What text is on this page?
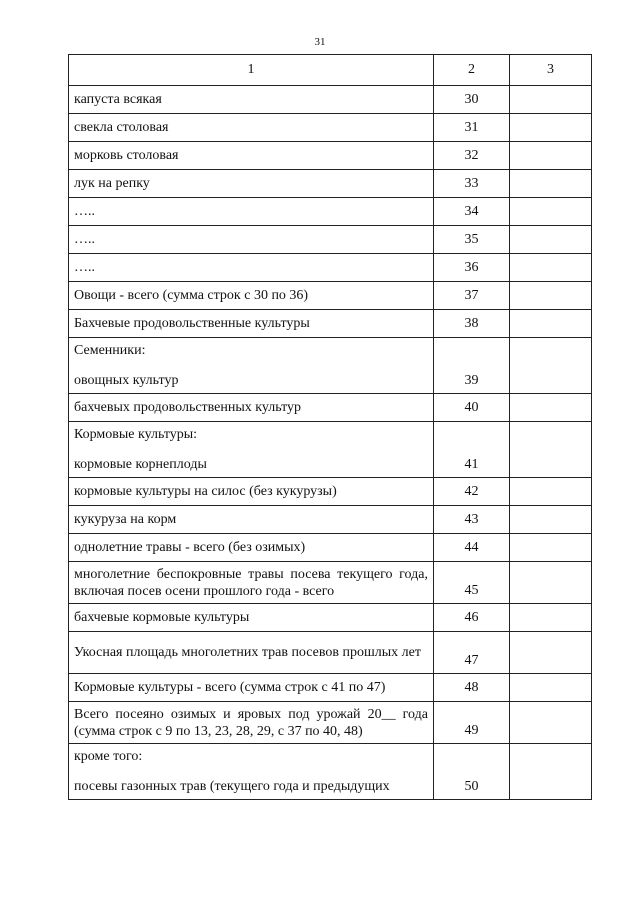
31
1	2	3
капуста всякая	30	
свекла столовая	31	
морковь столовая	32	
лук на репку	33	
…..	34	
…..	35	
…..	36	
Овощи - всего (сумма строк с 30 по 36)	37	
Бахчевые продовольственные культуры	38	

Семенники:
овощных культур	39	
бахчевых продовольственных культур	40	

Кормовые культуры:
кормовые корнеплоды	41	
кормовые культуры на силос (без кукурузы)	42	
кукуруза на корм	43	
однолетние травы - всего (без озимых)	44	
многолетние беспокровные травы посева текущего года, включая посев осени прошлого года - всего	45	
бахчевые кормовые культуры	46	
Укосная площадь многолетних трав посевов прошлых лет	47	
Кормовые культуры - всего (сумма строк с 41 по 47)	48	
Всего посеяно озимых и яровых под урожай 20__ года (сумма строк с 9 по 13, 23, 28, 29, с 37 по 40, 48)	49	

кроме того:
посевы газонных трав (текущего года и предыдущих	50	
